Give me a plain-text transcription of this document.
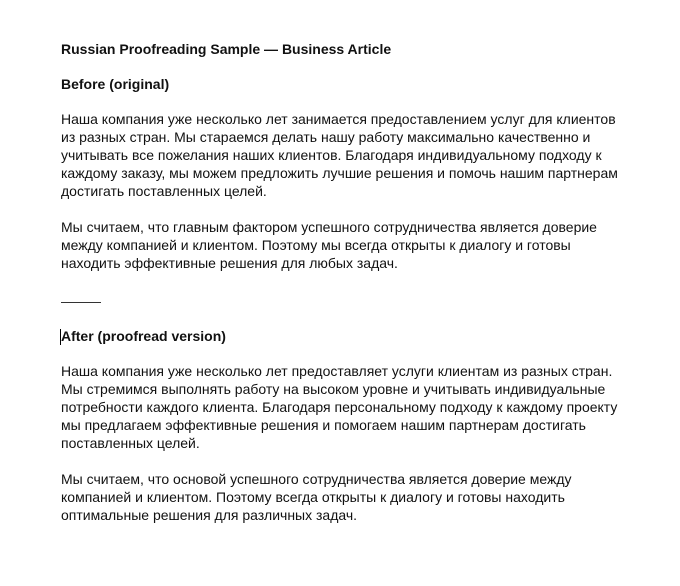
Russian Proofreading Sample — Business Article

Before (original)

Наша компания уже несколько лет занимается предоставлением услуг для клиентов из разных стран. Мы стараемся делать нашу работу максимально качественно и учитывать все пожелания наших клиентов. Благодаря индивидуальному подходу к каждому заказу, мы можем предложить лучшие решения и помочь нашим партнерам достигать поставленных целей.

Мы считаем, что главным фактором успешного сотрудничества является доверие между компанией и клиентом. Поэтому мы всегда открыты к диалогу и готовы находить эффективные решения для любых задач.

After (proofread version)

Наша компания уже несколько лет предоставляет услуги клиентам из разных стран. Мы стремимся выполнять работу на высоком уровне и учитывать индивидуальные потребности каждого клиента. Благодаря персональному подходу к каждому проекту мы предлагаем эффективные решения и помогаем нашим партнерам достигать поставленных целей.

Мы считаем, что основой успешного сотрудничества является доверие между компанией и клиентом. Поэтому всегда открыты к диалогу и готовы находить оптимальные решения для различных задач.
